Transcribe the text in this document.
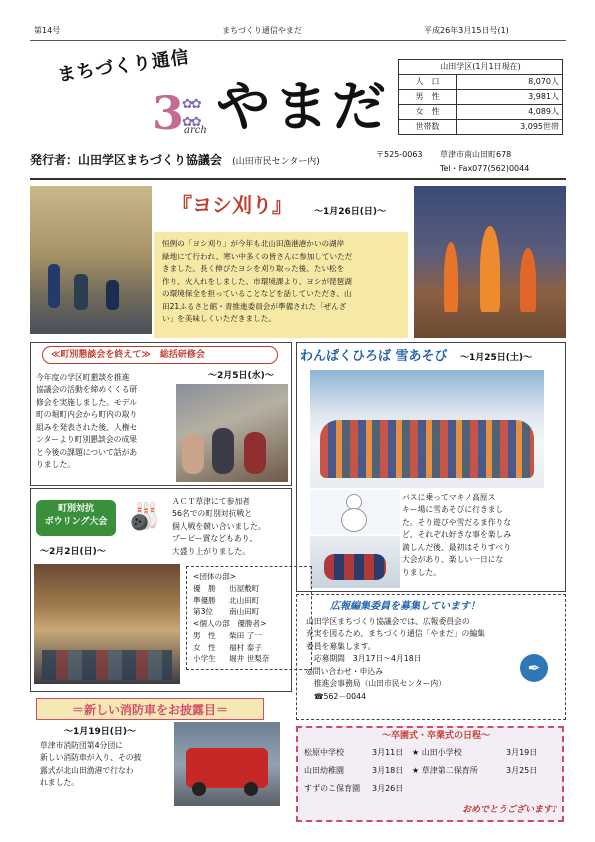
第14号	まちづくり通信やまだ	平成26年3月15日号(1)
まちづくり通信
3
✿✿
✿✿
arch やまだ
山田学区(1月1日現在)	
人　口	8,070人
男　性	3,981人
女　性	4,089人
世帯数	3,095世帯
発行者：山田学区まちづくり協議会 (山田市民センター内)
〒525-0063 草津市南山田町678
Tel・Fax077(562)0044
『ヨシ刈り』 ～1月26日(日)～
恒例の「ヨシ刈り」が今年も北山田漁港港かいの湖岸
緑地にて行われ、寒い中多くの皆さんに参加していただ
きました。長く伸びたヨシを刈り取った後、たい松を
作り、火入れをしました。市環境課より、ヨシが琵琶湖
の環境保全を担っていることなどを話していただき、山
田21ふるさと館・青推進委員会が準備された「ぜんざ
い」を美味しくいただきました。
≪町別懇談会を終えて≫　総括研修会
～2月5日(水)～
今年度の学区町懇談を推進
協議会の活動を締めくくる研
修会を実施しました。モデル
町の堀町内会から町内の取り
組みを発表された後、人権セ
ンターより町別懇談会の成果
と今後の課題について話があ
りました。
わんぱくひろば 雪あそび ～1月25日(土)～
バスに乗ってマキノ高原ス
キー場に雪あそびに行きまし
た。そり遊びや雪だるま作りな
ど、それぞれ好きな事を楽しみ
満しんだ後、最初はそりすべり
大会があり、楽しい一日にな
りました。
町別対抗
ボウリング大会 🎳
～2月2日(日)～
ＡＣＴ草津にて参加者
56名での町別対抗戦と
個人戦を競い合いました。
プーピー賞などもあり、
大盛り上がりました。
<団体の部>
優　勝	出屋敷町
準優勝	北山田町
第3位	南山田町
<個人の部　優勝者>
男　性	柴田 了一
女　性	福村 泰子
小学生	堀井 世梨奈
広報編集委員を募集しています！
山田学区まちづくり協議会では、広報委員会の
充実を図るため、まちづくり通信「やまだ」の編集
委員を募集します。
　応募期間　3月17日～4月18日
◎問い合わせ・申込み
　推進会事務局（山田市民センター内）
　☎562－0044
✒
＝新しい消防車をお披露目＝
～1月19日(日)～
草津市消防団第4分団に
新しい消防車が入り、その披
露式が北山田漁港で行なわ
れました。
～卒園式・卒業式の日程～
松原中学校	3月11日	★ 山田小学校	3月19日
山田幼稚園	3月18日	★ 草津第二保育所	3月25日
すずのこ保育園	3月26日
おめでとうございます♪
